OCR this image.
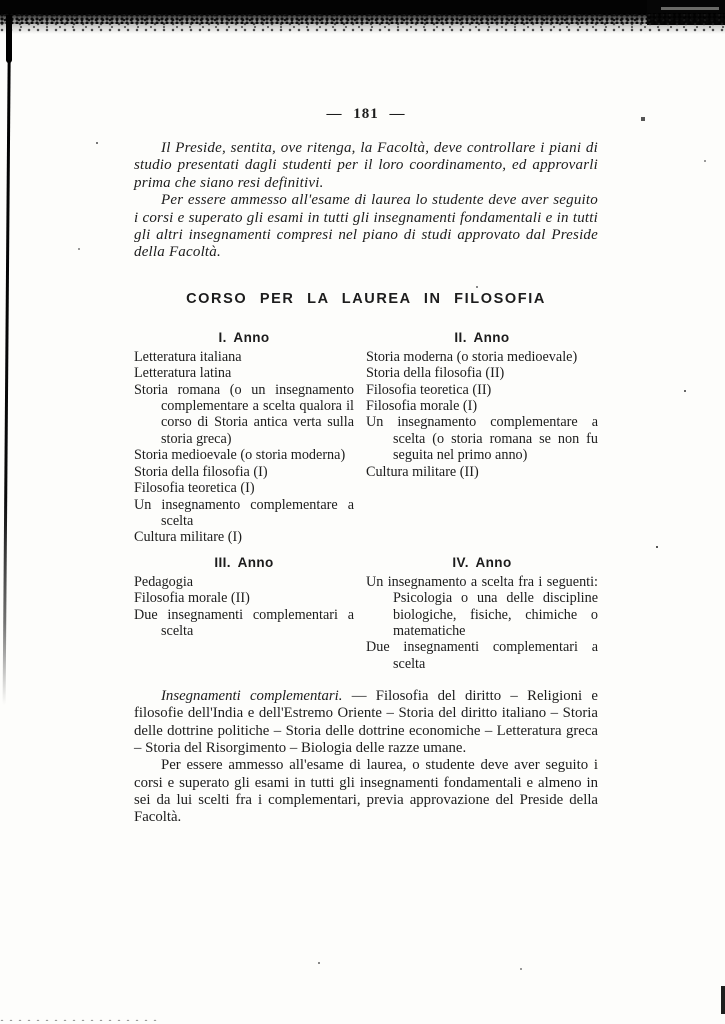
— 181 —

Il Preside, sentita, ove ritenga, la Facoltà, deve controllare i piani di studio presentati dagli studenti per il loro coordinamento, ed approvarli prima che siano resi definitivi.

Per essere ammesso all'esame di laurea lo studente deve aver seguito i corsi e superato gli esami in tutti gli insegnamenti fondamentali e in tutti gli altri insegnamenti compresi nel piano di studi approvato dal Preside della Facoltà.

CORSO PER LA LAUREA IN FILOSOFIA
I. Anno
Letteratura italiana
Letteratura latina
Storia romana (o un insegnamento complementare a scelta qualora il corso di Storia antica verta sulla storia greca)
Storia medioevale (o storia moderna)
Storia della filosofia (I)
Filosofia teoretica (I)
Un insegnamento complementare a scelta
Cultura militare (I)
II. Anno
Storia moderna (o storia medioevale)
Storia della filosofia (II)
Filosofia teoretica (II)
Filosofia morale (I)
Un insegnamento complementare a scelta (o storia romana se non fu seguita nel primo anno)
Cultura militare (II)
III. Anno
Pedagogia
Filosofia morale (II)
Due insegnamenti complementari a scelta
IV. Anno
Un insegnamento a scelta fra i seguenti: Psicologia o una delle discipline biologiche, fisiche, chimiche o matematiche
Due insegnamenti complementari a scelta

Insegnamenti complementari. — Filosofia del diritto – Religioni e filosofie dell'India e dell'Estremo Oriente – Storia del diritto italiano – Storia delle dottrine politiche – Storia delle dottrine economiche – Letteratura greca – Storia del Risorgimento – Biologia delle razze umane.

Per essere ammesso all'esame di laurea, o studente deve aver seguito i corsi e superato gli esami in tutti gli insegnamenti fondamentali e almeno in sei da lui scelti fra i complementari, previa approvazione del Preside della Facoltà.
